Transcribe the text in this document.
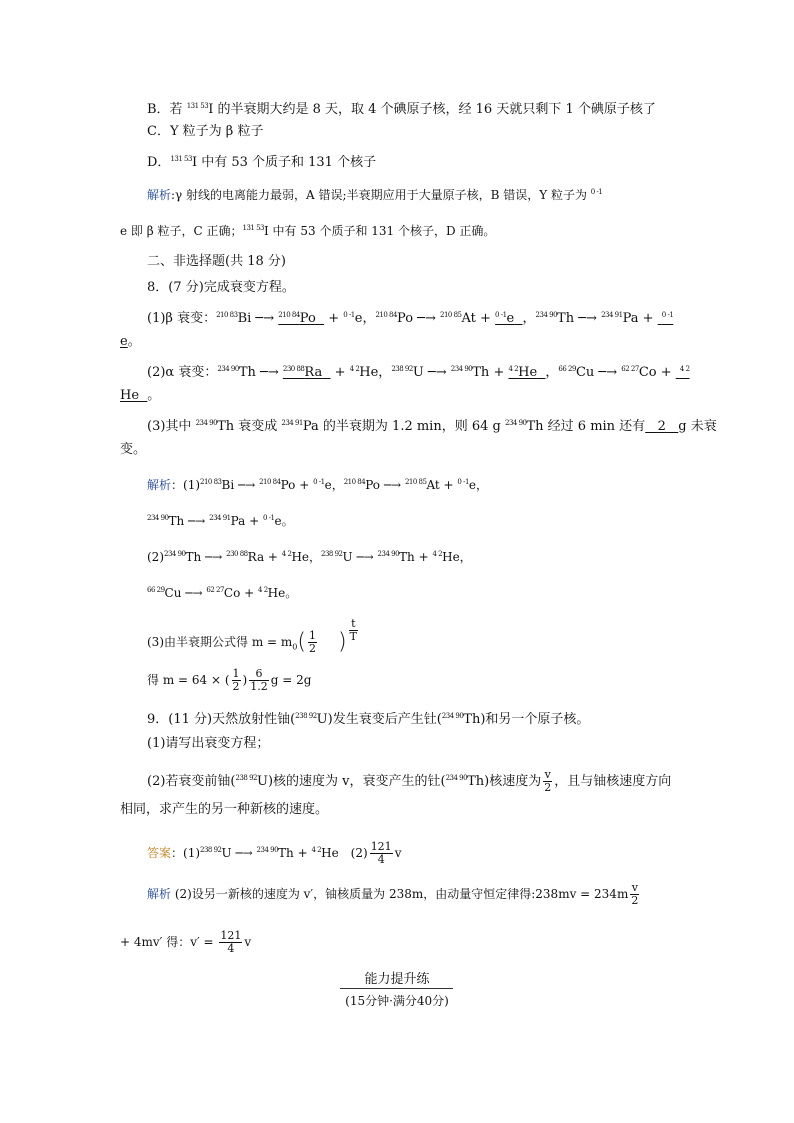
B．若 $^{131 53}$I 的半衰期大约是 8 天，取 4 个碘原子核，经 16 天就只剩下 1 个碘原子核了
C．Y 粒子为 β 粒子
D．$^{131 53}$I 中有 53 个质子和 131 个核子
解析:γ 射线的电离能力最弱，A 错误;半衰期应用于大量原子核，B 错误，Y 粒子为 $^{0 -1}$
e 即 β 粒子，C 正确；$^{131 53}$I 中有 53 个质子和 131 个核子，D 正确。
二、非选择题(共 18 分)
8．(7 分)完成衰变方程。
(1)β 衰变：$^{210 83}$Bi ─→ $^{210 84}$Po   + $^{0 -1}$e，$^{210 84}$Po ─→ $^{210 85}$At + $^{0 -1}$e ，$^{234 90}$Th ─→ $^{234 91}$Pa +  $^{0 -1}$
e。
(2)α 衰变：$^{234 90}$Th ─→ $^{230 88}$Ra   + $^{4 2}$He，$^{238 92}$U ─→ $^{234 90}$Th + $^{4 2}$He ，$^{66 29}$Cu ─→ $^{62 27}$Co +  $^{4 2}$
He 。
(3)其中 $^{234 90}$Th 衰变成 $^{234 91}$Pa 的半衰期为 1.2 min，则 64 g $^{234 90}$Th 经过 6 min 还有 2 g 未衰
变。
解析：$(1)^{210 83}Bi$ ─→ $^{210 84}$Po + $^{0 -1}$e，$^{210 84}$Po ─→ $^{210 85}$At + $^{0 -1}$e，
$^{234 90}$Th ─→ $^{234 91}$Pa + $^{0 -1}$e。
$(2)^{234 90}Th$ ─→ $^{230 88}$Ra + $^{4 2}$He，$^{238 92}$U ─→ $^{234 90}$Th + $^{4 2}$He，
$^{66 29}$Cu ─→ $^{62 27}$Co + $^{4 2}$He。
(3)由半衰期公式得 $m = m_0( \frac{1}{2}$ ) $\frac{t}{T}$
得 m = 64 × ( $\frac{1}{2}$ ) $\frac{6}{1.2}$ g = 2g
9．(11 分)天然放射性铀($^{238 92}$U)发生衰变后产生钍($^{234 90}$Th)和另一个原子核。
(1)请写出衰变方程；
(2)若衰变前铀($^{238 92}$U)核的速度为 v，衰变产生的钍($^{234 90}$Th)核速度为 $\frac{v}{2}$ ，且与铀核速度方向
相同，求产生的另一种新核的速度。
答案：$(1)^{238 92}U$ ─→ $^{234 90}$Th + $^{4 2}$He　$(2) \frac{121}{4}$ v
解析 (2)设另一新核的速度为 v′，铀核质量为 238m，由动量守恒定律得:238mv = $234m \frac{v}{2}$
+ 4mv′ 得：$v' = \frac{121}{4}$ v
能力提升练
(15分钟·满分40分)
